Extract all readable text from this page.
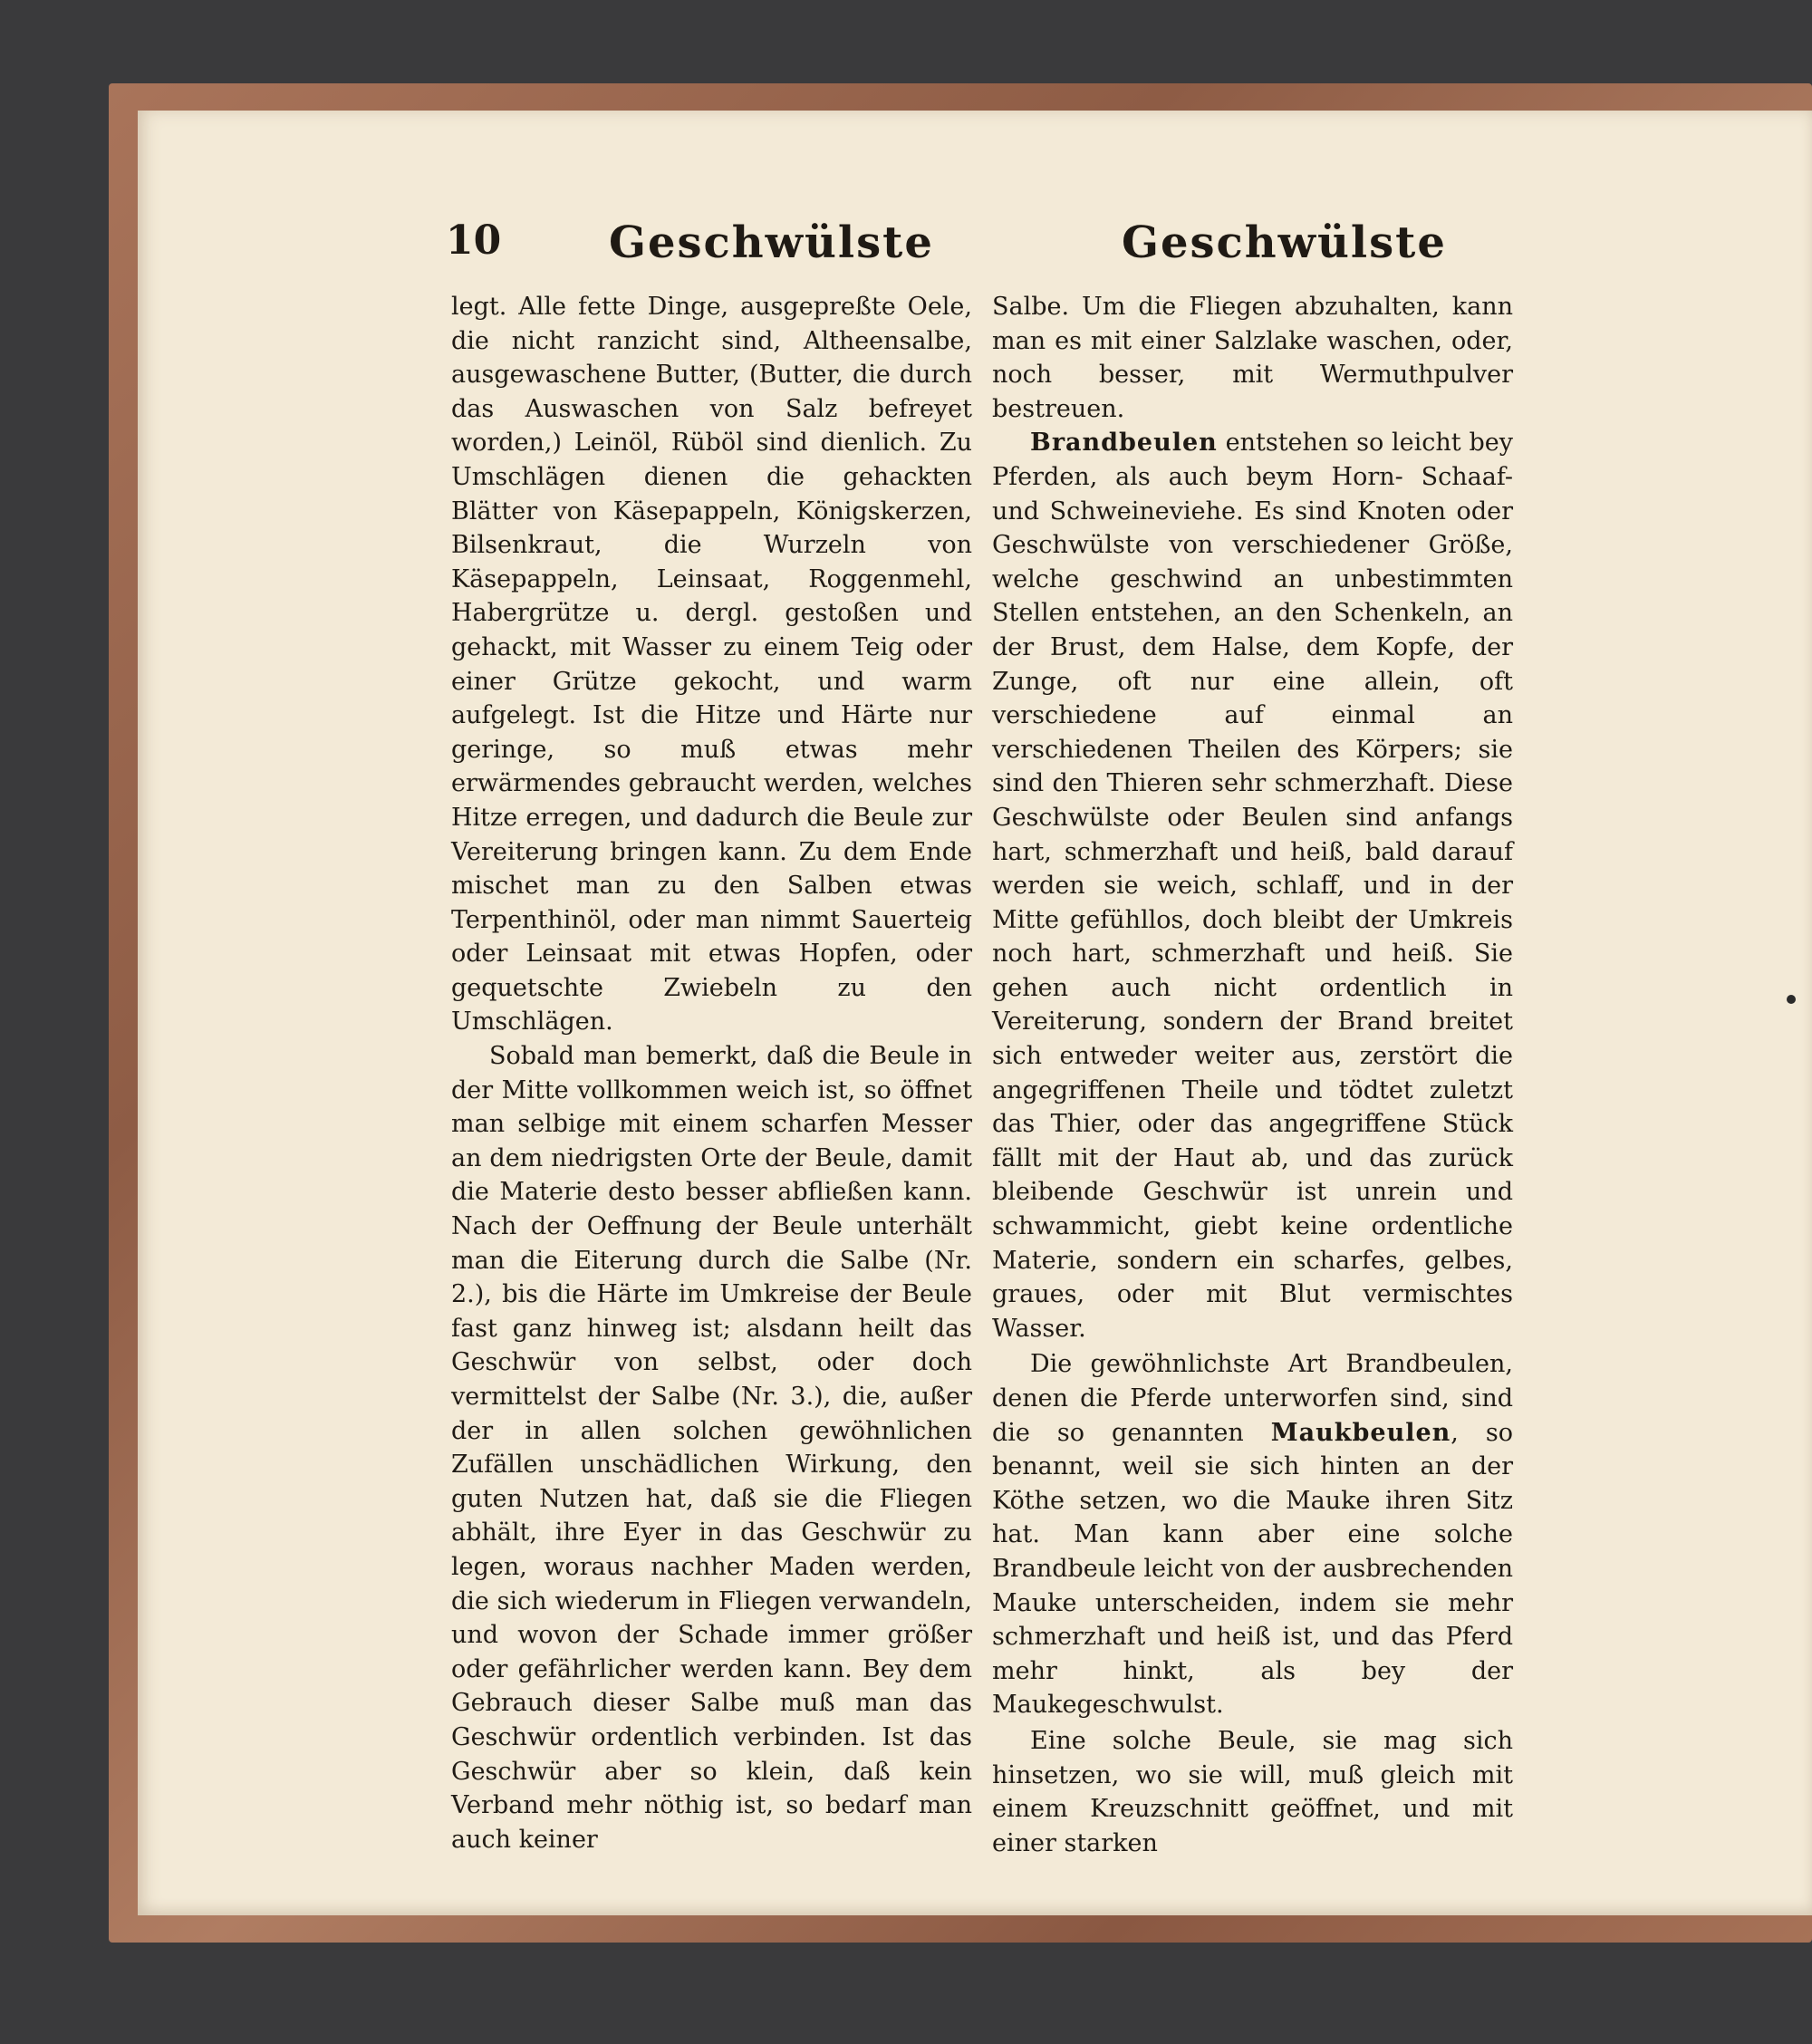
10 Geschwülste	Geschwülste

legt. Alle fette Dinge, ausgepreßte Oele, die nicht ranzicht sind, Altheensalbe, ausgewaschene Butter, (Butter, die durch das Auswaschen von Salz befreyet worden,) Leinöl, Rüböl sind dienlich. Zu Umschlägen dienen die gehackten Blätter von Käsepappeln, Königskerzen, Bilsenkraut, die Wurzeln von Käsepappeln, Leinsaat, Roggenmehl, Habergrütze u. dergl. gestoßen und gehackt, mit Wasser zu einem Teig oder einer Grütze gekocht, und warm aufgelegt. Ist die Hitze und Härte nur geringe, so muß etwas mehr erwärmendes gebraucht werden, welches Hitze erregen, und dadurch die Beule zur Vereiterung bringen kann. Zu dem Ende mischet man zu den Salben etwas Terpenthinöl, oder man nimmt Sauerteig oder Leinsaat mit etwas Hopfen, oder gequetschte Zwiebeln zu den Umschlägen.

Sobald man bemerkt, daß die Beule in der Mitte vollkommen weich ist, so öffnet man selbige mit einem scharfen Messer an dem niedrigsten Orte der Beule, damit die Materie desto besser abfließen kann. Nach der Oeffnung der Beule unterhält man die Eiterung durch die Salbe (Nr. 2.), bis die Härte im Umkreise der Beule fast ganz hinweg ist; alsdann heilt das Geschwür von selbst, oder doch vermittelst der Salbe (Nr. 3.), die, außer der in allen solchen gewöhnlichen Zufällen unschädlichen Wirkung, den guten Nutzen hat, daß sie die Fliegen abhält, ihre Eyer in das Geschwür zu legen, woraus nachher Maden werden, die sich wiederum in Fliegen verwandeln, und wovon der Schade immer größer oder gefährlicher werden kann. Bey dem Gebrauch dieser Salbe muß man das Geschwür ordentlich verbinden. Ist das Geschwür aber so klein, daß kein Verband mehr nöthig ist, so bedarf man auch keiner

Salbe. Um die Fliegen abzuhalten, kann man es mit einer Salzlake waschen, oder, noch besser, mit Wermuthpulver bestreuen.

Brandbeulen entstehen so leicht bey Pferden, als auch beym Horn- Schaaf- und Schweineviehe. Es sind Knoten oder Geschwülste von verschiedener Größe, welche geschwind an unbestimmten Stellen entstehen, an den Schenkeln, an der Brust, dem Halse, dem Kopfe, der Zunge, oft nur eine allein, oft verschiedene auf einmal an verschiedenen Theilen des Körpers; sie sind den Thieren sehr schmerzhaft. Diese Geschwülste oder Beulen sind anfangs hart, schmerzhaft und heiß, bald darauf werden sie weich, schlaff, und in der Mitte gefühllos, doch bleibt der Umkreis noch hart, schmerzhaft und heiß. Sie gehen auch nicht ordentlich in Vereiterung, sondern der Brand breitet sich entweder weiter aus, zerstört die angegriffenen Theile und tödtet zuletzt das Thier, oder das angegriffene Stück fällt mit der Haut ab, und das zurück bleibende Geschwür ist unrein und schwammicht, giebt keine ordentliche Materie, sondern ein scharfes, gelbes, graues, oder mit Blut vermischtes Wasser.

Die gewöhnlichste Art Brandbeulen, denen die Pferde unterworfen sind, sind die so genannten Maukbeulen, so benannt, weil sie sich hinten an der Köthe setzen, wo die Mauke ihren Sitz hat. Man kann aber eine solche Brandbeule leicht von der ausbrechenden Mauke unterscheiden, indem sie mehr schmerzhaft und heiß ist, und das Pferd mehr hinkt, als bey der Maukegeschwulst.

Eine solche Beule, sie mag sich hinsetzen, wo sie will, muß gleich mit einem Kreuzschnitt geöffnet, und mit einer starken
